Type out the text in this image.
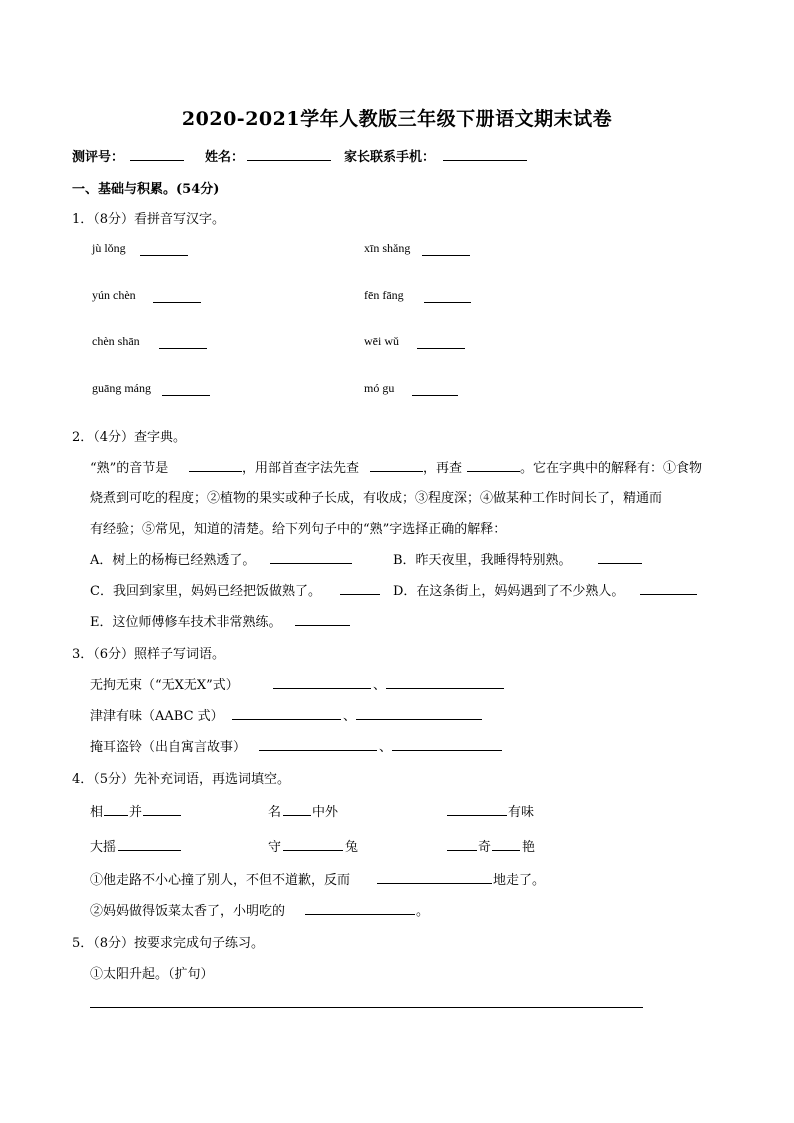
2020-2021学年人教版三年级下册语文期末试卷
测评号：	姓名：	家长联系手机：
一、基础与积累。(54分)
1．（8分）看拼音写汉字。
jù lǒng	xīn shǎng
yún chèn	fēn fāng
chèn shān	wēi wǔ
guāng máng	mó gu
2．（4分）查字典。
“熟”的音节是	，用部首查字法先查	，再查	。它在字典中的解释有：①食物
烧煮到可吃的程度；②植物的果实或种子长成，有收成；③程度深；④做某种工作时间长了，精通而
有经验；⑤常见，知道的清楚。给下列句子中的“熟”字选择正确的解释：
A．树上的杨梅已经熟透了。	B．昨天夜里，我睡得特别熟。
C．我回到家里，妈妈已经把饭做熟了。	D．在这条街上，妈妈遇到了不少熟人。
E．这位师傅修车技术非常熟练。
3．（6分）照样子写词语。
无拘无束（“无X无X”式）	、
津津有味（AABC 式）	、
掩耳盗铃（出自寓言故事）	、
4．（5分）先补充词语，再选词填空。
相 并	名 中外	有味
大摇	守	兔	奇 艳
①他走路不小心撞了别人，不但不道歉，反而	地走了。
②妈妈做得饭菜太香了，小明吃的	。
5．（8分）按要求完成句子练习。
①太阳升起。（扩句）
